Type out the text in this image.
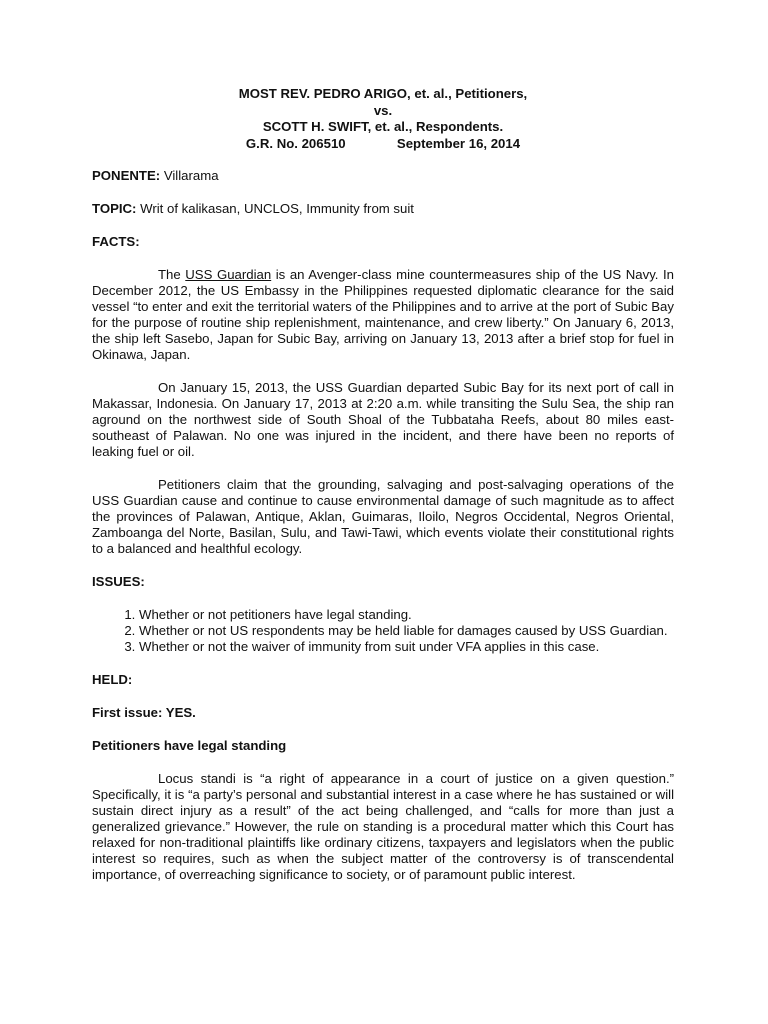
MOST REV. PEDRO ARIGO, et. al., Petitioners,
vs.
SCOTT H. SWIFT, et. al., Respondents.
G.R. No. 206510	September 16, 2014
PONENTE: Villarama
TOPIC: Writ of kalikasan, UNCLOS, Immunity from suit
FACTS:

The USS Guardian is an Avenger-class mine countermeasures ship of the US Navy. In December 2012, the US Embassy in the Philippines requested diplomatic clearance for the said vessel “to enter and exit the territorial waters of the Philippines and to arrive at the port of Subic Bay for the purpose of routine ship replenishment, maintenance, and crew liberty.” On January 6, 2013, the ship left Sasebo, Japan for Subic Bay, arriving on January 13, 2013 after a brief stop for fuel in Okinawa, Japan.

On January 15, 2013, the USS Guardian departed Subic Bay for its next port of call in Makassar, Indonesia. On January 17, 2013 at 2:20 a.m. while transiting the Sulu Sea, the ship ran aground on the northwest side of South Shoal of the Tubbataha Reefs, about 80 miles east-southeast of Palawan. No one was injured in the incident, and there have been no reports of leaking fuel or oil.

Petitioners claim that the grounding, salvaging and post-salvaging operations of the USS Guardian cause and continue to cause environmental damage of such magnitude as to affect the provinces of Palawan, Antique, Aklan, Guimaras, Iloilo, Negros Occidental, Negros Oriental, Zamboanga del Norte, Basilan, Sulu, and Tawi-Tawi, which events violate their constitutional rights to a balanced and healthful ecology.

ISSUES:
1. Whether or not petitioners have legal standing.
2. Whether or not US respondents may be held liable for damages caused by USS Guardian.
3. Whether or not the waiver of immunity from suit under VFA applies in this case.
HELD:
First issue: YES.
Petitioners have legal standing

Locus standi is “a right of appearance in a court of justice on a given question.” Specifically, it is “a party’s personal and substantial interest in a case where he has sustained or will sustain direct injury as a result” of the act being challenged, and “calls for more than just a generalized grievance.” However, the rule on standing is a procedural matter which this Court has relaxed for non-traditional plaintiffs like ordinary citizens, taxpayers and legislators when the public interest so requires, such as when the subject matter of the controversy is of transcendental importance, of overreaching significance to society, or of paramount public interest.
